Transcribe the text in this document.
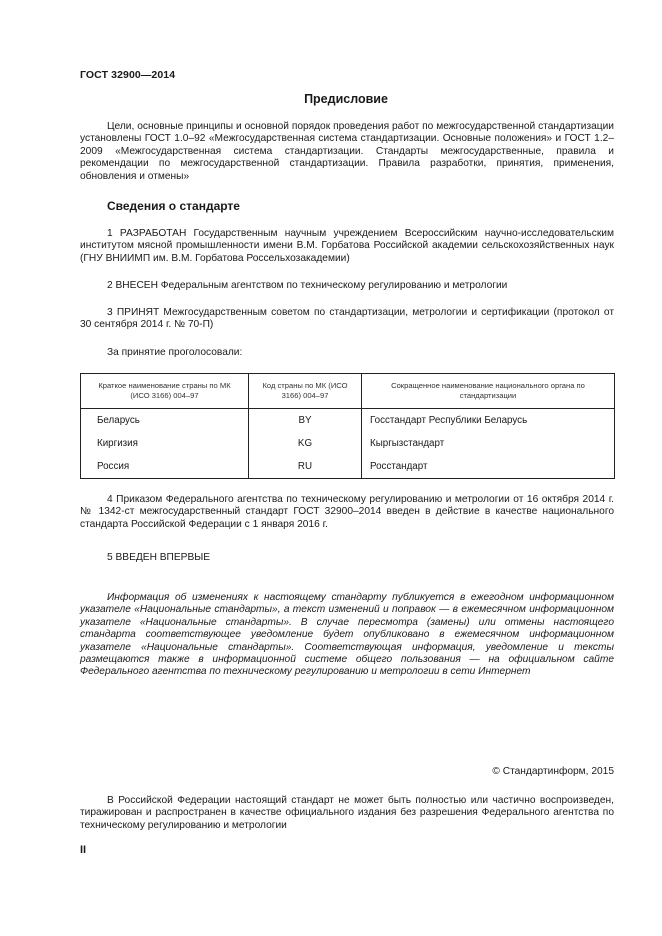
ГОСТ 32900—2014
Предисловие
Цели, основные принципы и основной порядок проведения работ по межгосударственной стандартизации установлены ГОСТ 1.0–92 «Межгосударственная система стандартизации. Основные положения» и ГОСТ 1.2–2009 «Межгосударственная система стандартизации. Стандарты межгосударственные, правила и рекомендации по межгосударственной стандартизации. Правила разработки, принятия, применения, обновления и отмены»
Сведения о стандарте
1 РАЗРАБОТАН Государственным научным учреждением Всероссийским научно-исследовательским институтом мясной промышленности имени В.М. Горбатова Российской академии сельскохозяйственных наук (ГНУ ВНИИМП им. В.М. Горбатова Россельхозакадемии)
2 ВНЕСЕН Федеральным агентством по техническому регулированию и метрологии
3 ПРИНЯТ Межгосударственным советом по стандартизации, метрологии и сертификации (протокол от 30 сентября 2014 г. № 70-П)
За принятие проголосовали:
Краткое наименование страны по МК (ИСО 3166) 004–97	Код страны по МК (ИСО 3166) 004–97	Сокращенное наименование национального органа по стандартизации
Беларусь	BY	Госстандарт Республики Беларусь
Киргизия	KG	Кыргызстандарт
Россия	RU	Росстандарт
4 Приказом Федерального агентства по техническому регулированию и метрологии от 16 октября 2014 г. № 1342-ст межгосударственный стандарт ГОСТ 32900–2014 введен в действие в качестве национального стандарта Российской Федерации с 1 января 2016 г.
5 ВВЕДЕН ВПЕРВЫЕ
Информация об изменениях к настоящему стандарту публикуется в ежегодном информационном указателе «Национальные стандарты», а текст изменений и поправок — в ежемесячном информационном указателе «Национальные стандарты». В случае пересмотра (замены) или отмены настоящего стандарта соответствующее уведомление будет опубликовано в ежемесячном информационном указателе «Национальные стандарты». Соответствующая информация, уведомление и тексты размещаются также в информационной системе общего пользования — на официальном сайте Федерального агентства по техническому регулированию и метрологии в сети Интернет
© Стандартинформ, 2015
В Российской Федерации настоящий стандарт не может быть полностью или частично воспроизведен, тиражирован и распространен в качестве официального издания без разрешения Федерального агентства по техническому регулированию и метрологии
II
